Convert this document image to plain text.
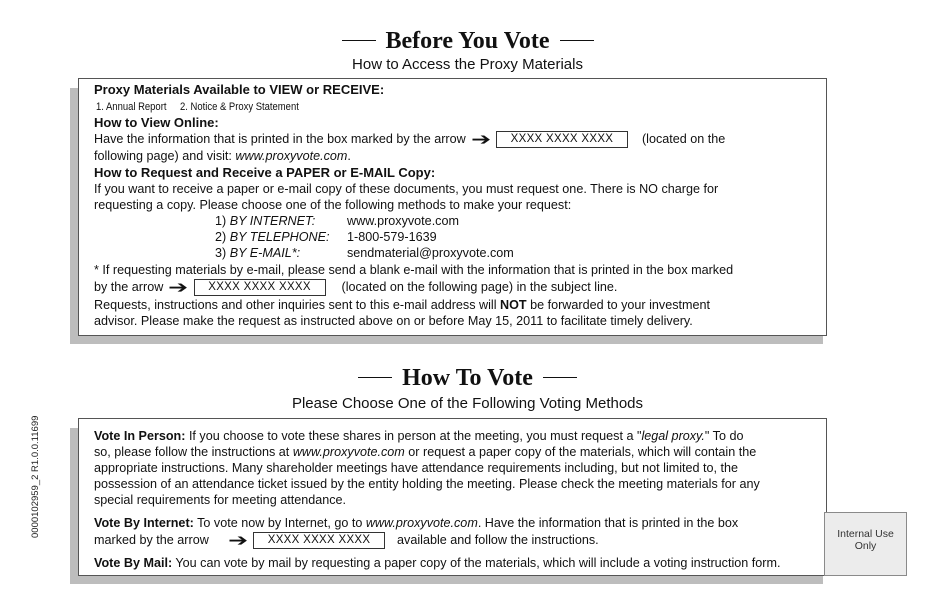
Before You Vote
How to Access the Proxy Materials
Proxy Materials Available to VIEW or RECEIVE:
1. Annual Report 2. Notice & Proxy Statement
How to View Online:
Have the information that is printed in the box marked by the arrow ➔ XXXX XXXX XXXX (located on the
following page) and visit: www.proxyvote.com.
How to Request and Receive a PAPER or E-MAIL Copy:
If you want to receive a paper or e-mail copy of these documents, you must request one. There is NO charge for
requesting a copy. Please choose one of the following methods to make your request:
1) BY INTERNET:	www.proxyvote.com
2) BY TELEPHONE: 1-800-579-1639
3) BY E-MAIL*:	sendmaterial@proxyvote.com
* If requesting materials by e-mail, please send a blank e-mail with the information that is printed in the box marked
by the arrow ➔ XXXX XXXX XXXX (located on the following page) in the subject line.
Requests, instructions and other inquiries sent to this e-mail address will NOT be forwarded to your investment
advisor. Please make the request as instructed above on or before May 15, 2011 to facilitate timely delivery.
How To Vote
Please Choose One of the Following Voting Methods
Vote In Person: If you choose to vote these shares in person at the meeting, you must request a "legal proxy." To do
so, please follow the instructions at www.proxyvote.com or request a paper copy of the materials, which will contain the
appropriate instructions. Many shareholder meetings have attendance requirements including, but not limited to, the
possession of an attendance ticket issued by the entity holding the meeting. Please check the meeting materials for any
special requirements for meeting attendance.
Vote By Internet: To vote now by Internet, go to www.proxyvote.com. Have the information that is printed in the box
marked by the arrow ➔ XXXX XXXX XXXX available and follow the instructions.
Vote By Mail: You can vote by mail by requesting a paper copy of the materials, which will include a voting instruction form.
0000102959_2 R1.0.0.11699	Internal Use
Only
